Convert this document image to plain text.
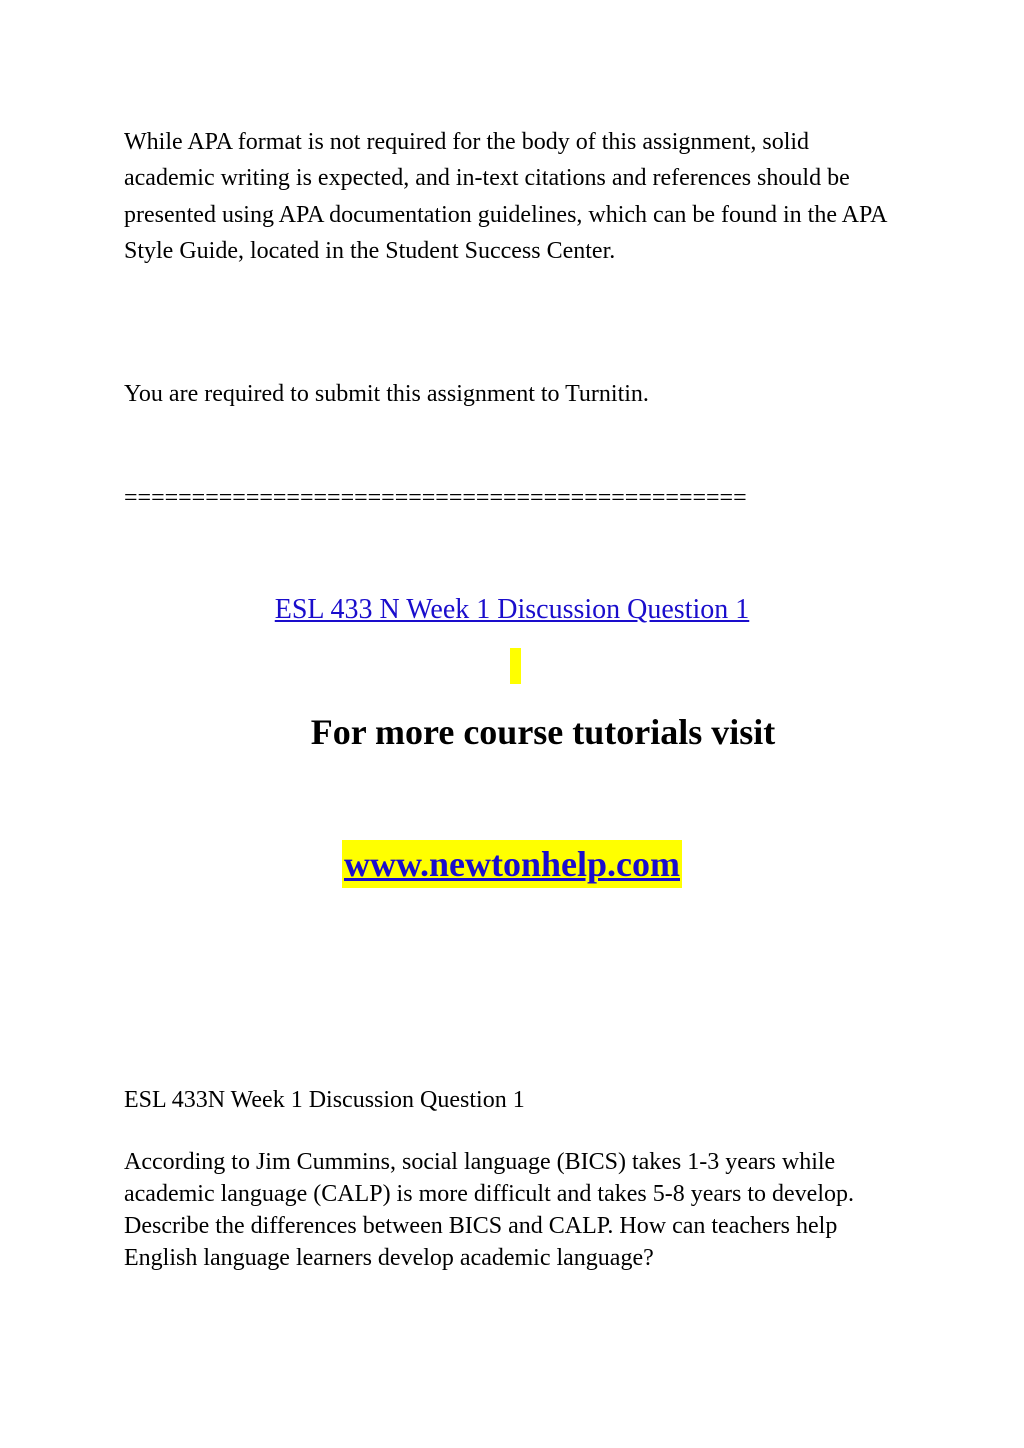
While APA format is not required for the body of this assignment, solid academic writing is expected, and in-text citations and references should be presented using APA documentation guidelines, which can be found in the APA Style Guide, located in the Student Success Center.

You are required to submit this assignment to Turnitin.

==============================================
ESL 433 N Week 1 Discussion Question 1
For more course tutorials visit
www.newtonhelp.com

ESL 433N Week 1 Discussion Question 1

According to Jim Cummins, social language (BICS) takes 1-3 years while academic language (CALP) is more difficult and takes 5-8 years to develop. Describe the differences between BICS and CALP. How can teachers help English language learners develop academic language?
